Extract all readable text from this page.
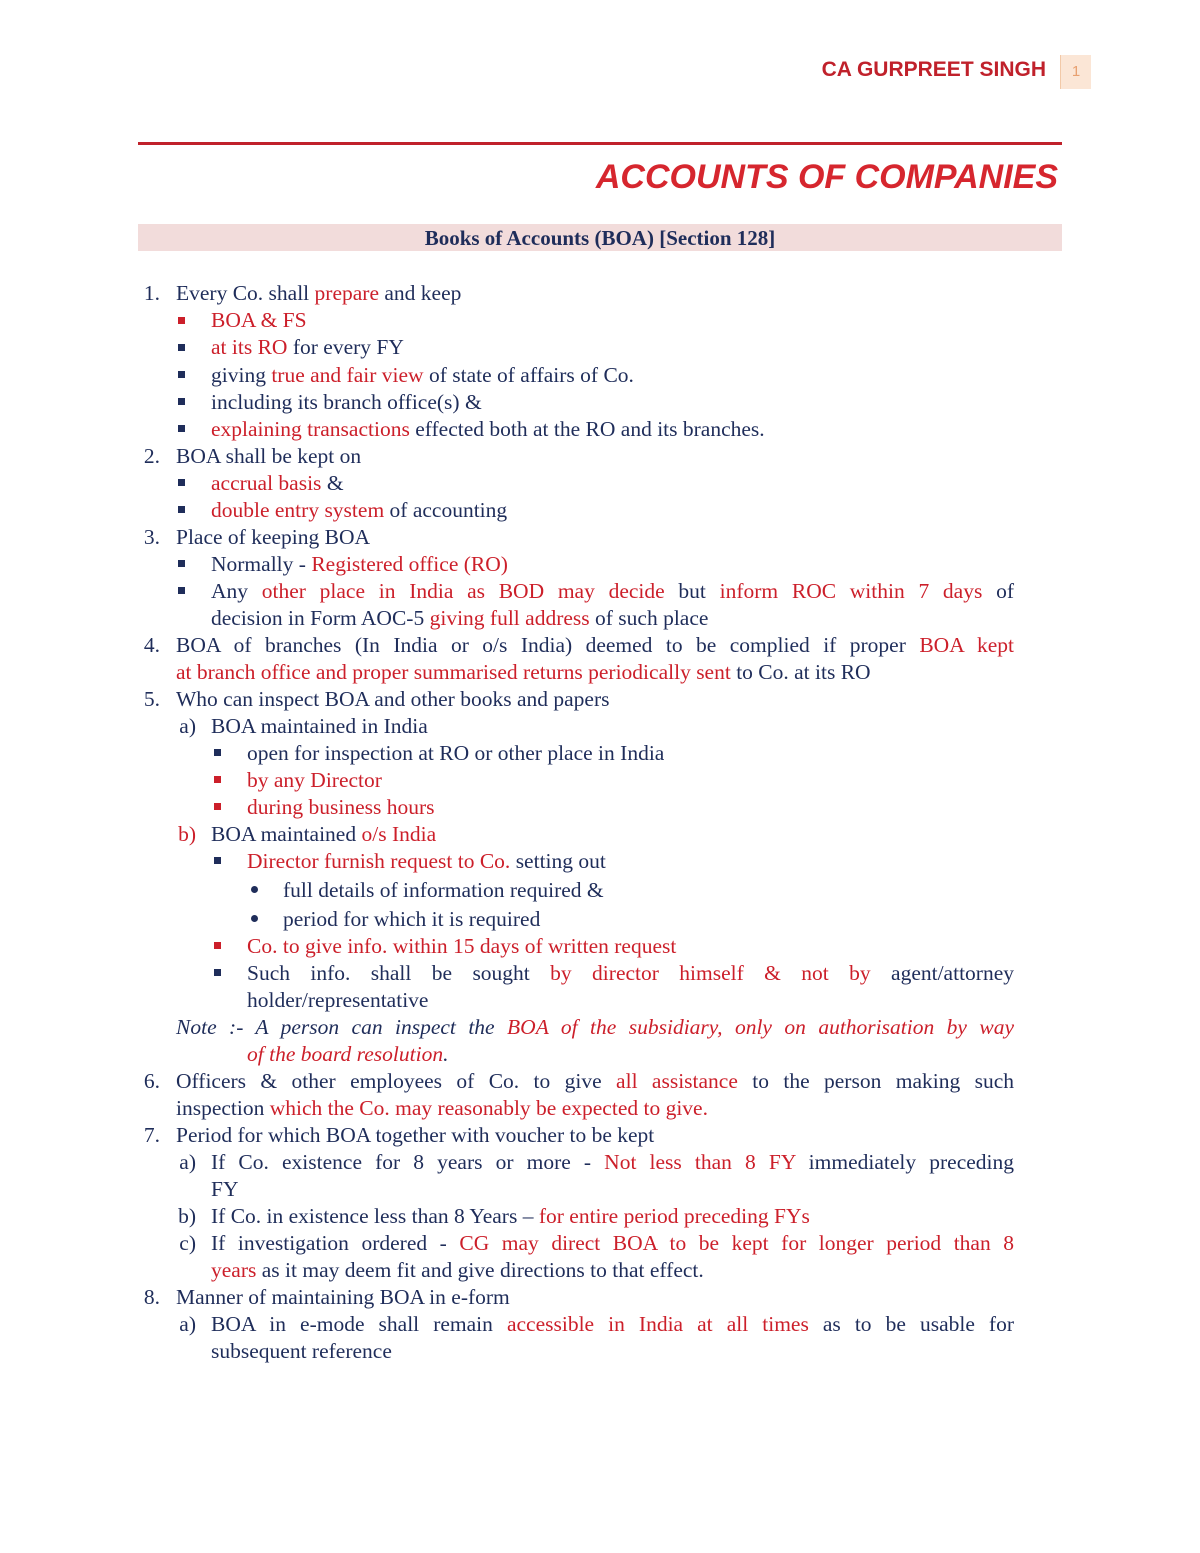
CA GURPREET SINGH	1
ACCOUNTS OF COMPANIES
Books of Accounts (BOA) [Section 128]
1. Every Co. shall prepare and keep
BOA & FS
at its RO for every FY
giving true and fair view of state of affairs of Co.
including its branch office(s) &
explaining transactions effected both at the RO and its branches.
2. BOA shall be kept on
accrual basis &
double entry system of accounting
3. Place of keeping BOA
Normally - Registered office (RO)
Any other place in India as BOD may decide but inform ROC within 7 days of
decision in Form AOC-5 giving full address of such place
4. BOA of branches (In India or o/s India) deemed to be complied if proper BOA kept
at branch office and proper summarised returns periodically sent to Co. at its RO
5. Who can inspect BOA and other books and papers
a) BOA maintained in India
open for inspection at RO or other place in India
by any Director
during business hours
b) BOA maintained o/s India
Director furnish request to Co. setting out
full details of information required &
period for which it is required
Co. to give info. within 15 days of written request
Such info. shall be sought by director himself & not by agent/attorney
holder/representative
Note :- A person can inspect the BOA of the subsidiary, only on authorisation by way
of the board resolution.
6. Officers & other employees of Co. to give all assistance to the person making such
inspection which the Co. may reasonably be expected to give.
7. Period for which BOA together with voucher to be kept
a) If Co. existence for 8 years or more - Not less than 8 FY immediately preceding
FY
b) If Co. in existence less than 8 Years – for entire period preceding FYs
c) If investigation ordered - CG may direct BOA to be kept for longer period than 8
years as it may deem fit and give directions to that effect.
8. Manner of maintaining BOA in e-form
a) BOA in e-mode shall remain accessible in India at all times as to be usable for
subsequent reference
